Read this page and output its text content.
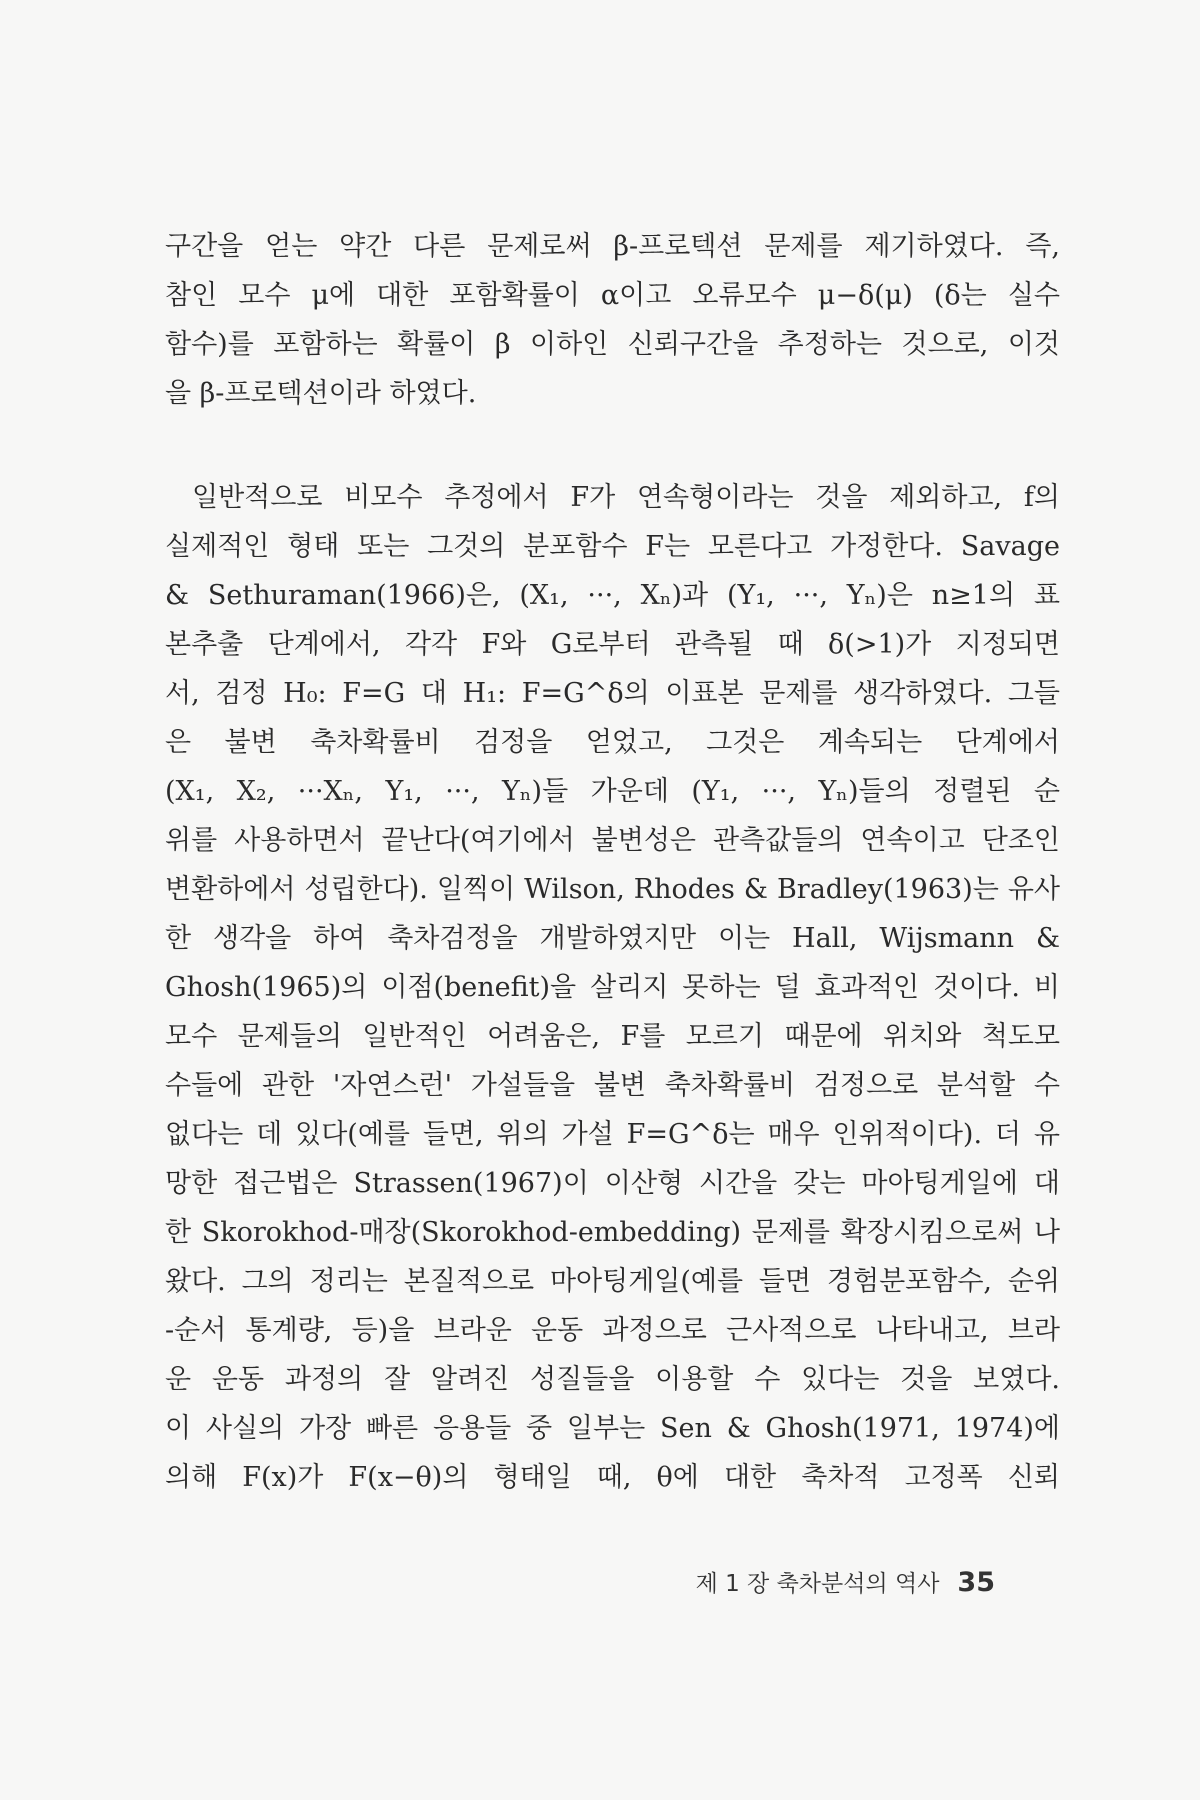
구간을 얻는 약간 다른 문제로써 β-프로텍션 문제를 제기하였다. 즉,
참인 모수 μ에 대한 포함확률이 α이고 오류모수 μ−δ(μ) (δ는 실수
함수)를 포함하는 확률이 β 이하인 신뢰구간을 추정하는 것으로, 이것
을 β-프로텍션이라 하였다.
일반적으로 비모수 추정에서 F가 연속형이라는 것을 제외하고, f의
실제적인 형태 또는 그것의 분포함수 F는 모른다고 가정한다. Savage
& Sethuraman(1966)은, (X₁, ···, Xₙ)과 (Y₁, ···, Yₙ)은 n≥1의 표
본추출 단계에서, 각각 F와 G로부터 관측될 때 δ(>1)가 지정되면
서, 검정 H₀: F=G 대 H₁: F=G^δ의 이표본 문제를 생각하였다. 그들
은 불변 축차확률비 검정을 얻었고, 그것은 계속되는 단계에서
(X₁, X₂, ···Xₙ, Y₁, ···, Yₙ)들 가운데 (Y₁, ···, Yₙ)들의 정렬된 순
위를 사용하면서 끝난다(여기에서 불변성은 관측값들의 연속이고 단조인
변환하에서 성립한다). 일찍이 Wilson, Rhodes & Bradley(1963)는 유사
한 생각을 하여 축차검정을 개발하였지만 이는 Hall, Wijsmann &
Ghosh(1965)의 이점(benefit)을 살리지 못하는 덜 효과적인 것이다. 비
모수 문제들의 일반적인 어려움은, F를 모르기 때문에 위치와 척도모
수들에 관한 '자연스런' 가설들을 불변 축차확률비 검정으로 분석할 수
없다는 데 있다(예를 들면, 위의 가설 F=G^δ는 매우 인위적이다). 더 유
망한 접근법은 Strassen(1967)이 이산형 시간을 갖는 마아팅게일에 대
한 Skorokhod-매장(Skorokhod-embedding) 문제를 확장시킴으로써 나
왔다. 그의 정리는 본질적으로 마아팅게일(예를 들면 경험분포함수, 순위
-순서 통계량, 등)을 브라운 운동 과정으로 근사적으로 나타내고, 브라
운 운동 과정의 잘 알려진 성질들을 이용할 수 있다는 것을 보였다.
이 사실의 가장 빠른 응용들 중 일부는 Sen & Ghosh(1971, 1974)에
의해 F(x)가 F(x−θ)의 형태일 때, θ에 대한 축차적 고정폭 신뢰
제 1 장 축차분석의 역사 35
